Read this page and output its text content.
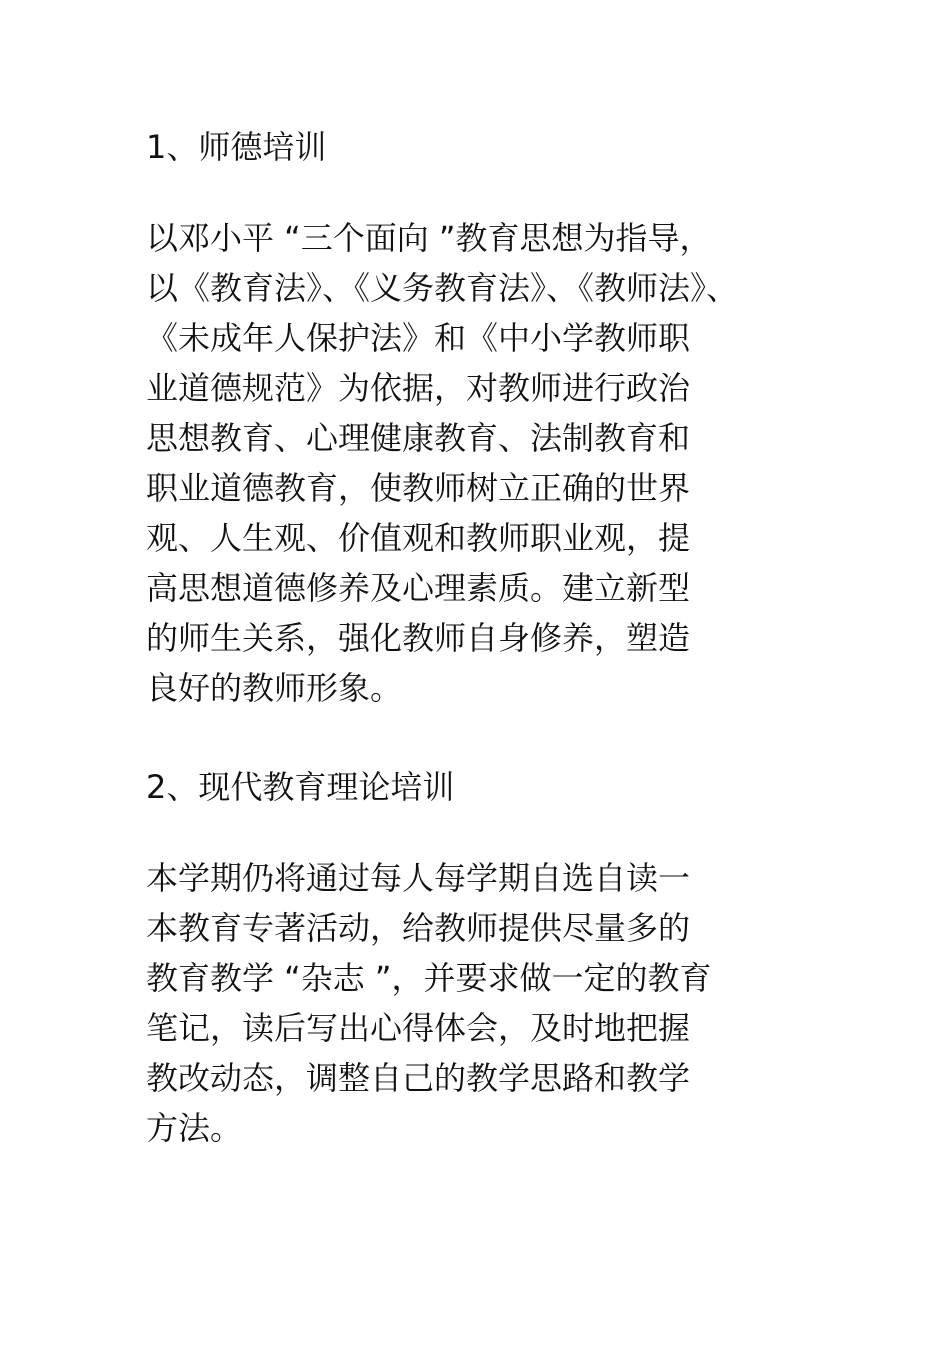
1、师德培训
以邓小平 “三个面向 ”教育思想为指导，
以《教育法》、《义务教育法》、《教师法》、
《未成年人保护法》和《中小学教师职
业道德规范》为依据，对教师进行政治
思想教育、心理健康教育、法制教育和
职业道德教育，使教师树立正确的世界
观、人生观、价值观和教师职业观，提
高思想道德修养及心理素质。建立新型
的师生关系，强化教师自身修养，塑造
良好的教师形象。
2、现代教育理论培训
本学期仍将通过每人每学期自选自读一
本教育专著活动，给教师提供尽量多的
教育教学 “杂志 ”，并要求做一定的教育
笔记，读后写出心得体会，及时地把握
教改动态，调整自己的教学思路和教学
方法。
